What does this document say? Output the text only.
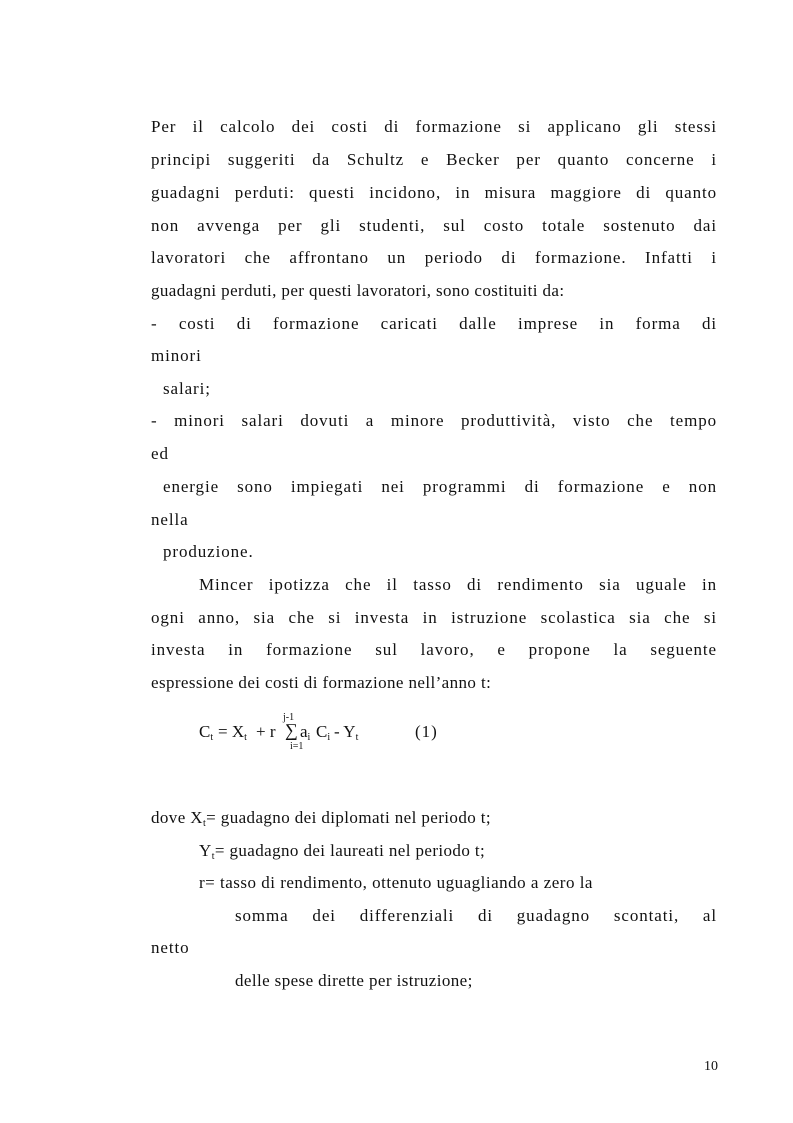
Per il calcolo dei costi di formazione si applicano gli stessi
principi suggeriti da Schultz e Becker per quanto concerne i
guadagni perduti: questi incidono, in misura maggiore di quanto
non avvenga per gli studenti, sul costo totale sostenuto dai
lavoratori che affrontano un periodo di formazione. Infatti i
guadagni perduti, per questi lavoratori, sono costituiti da:
- costi di formazione caricati dalle imprese in forma di
minori
salari;
- minori salari dovuti a minore produttività, visto che tempo
ed
energie sono impiegati nei programmi di formazione e non
nella
produzione.
Mincer ipotizza che il tasso di rendimento sia uguale in
ogni anno, sia che si investa in istruzione scolastica sia che si
investa in formazione sul lavoro, e propone la seguente
espressione dei costi di formazione nell’anno t:
$C_t = X_t + r$
j-1
∑
i=1
$a_i$ $C_i - Y_t$	(1)
dove $X_t=$ guadagno dei diplomati nel periodo t;
$Y_t=$ guadagno dei laureati nel periodo t;
r= tasso di rendimento, ottenuto uguagliando a zero la
somma dei differenziali di guadagno scontati, al
netto
delle spese dirette per istruzione;
10
